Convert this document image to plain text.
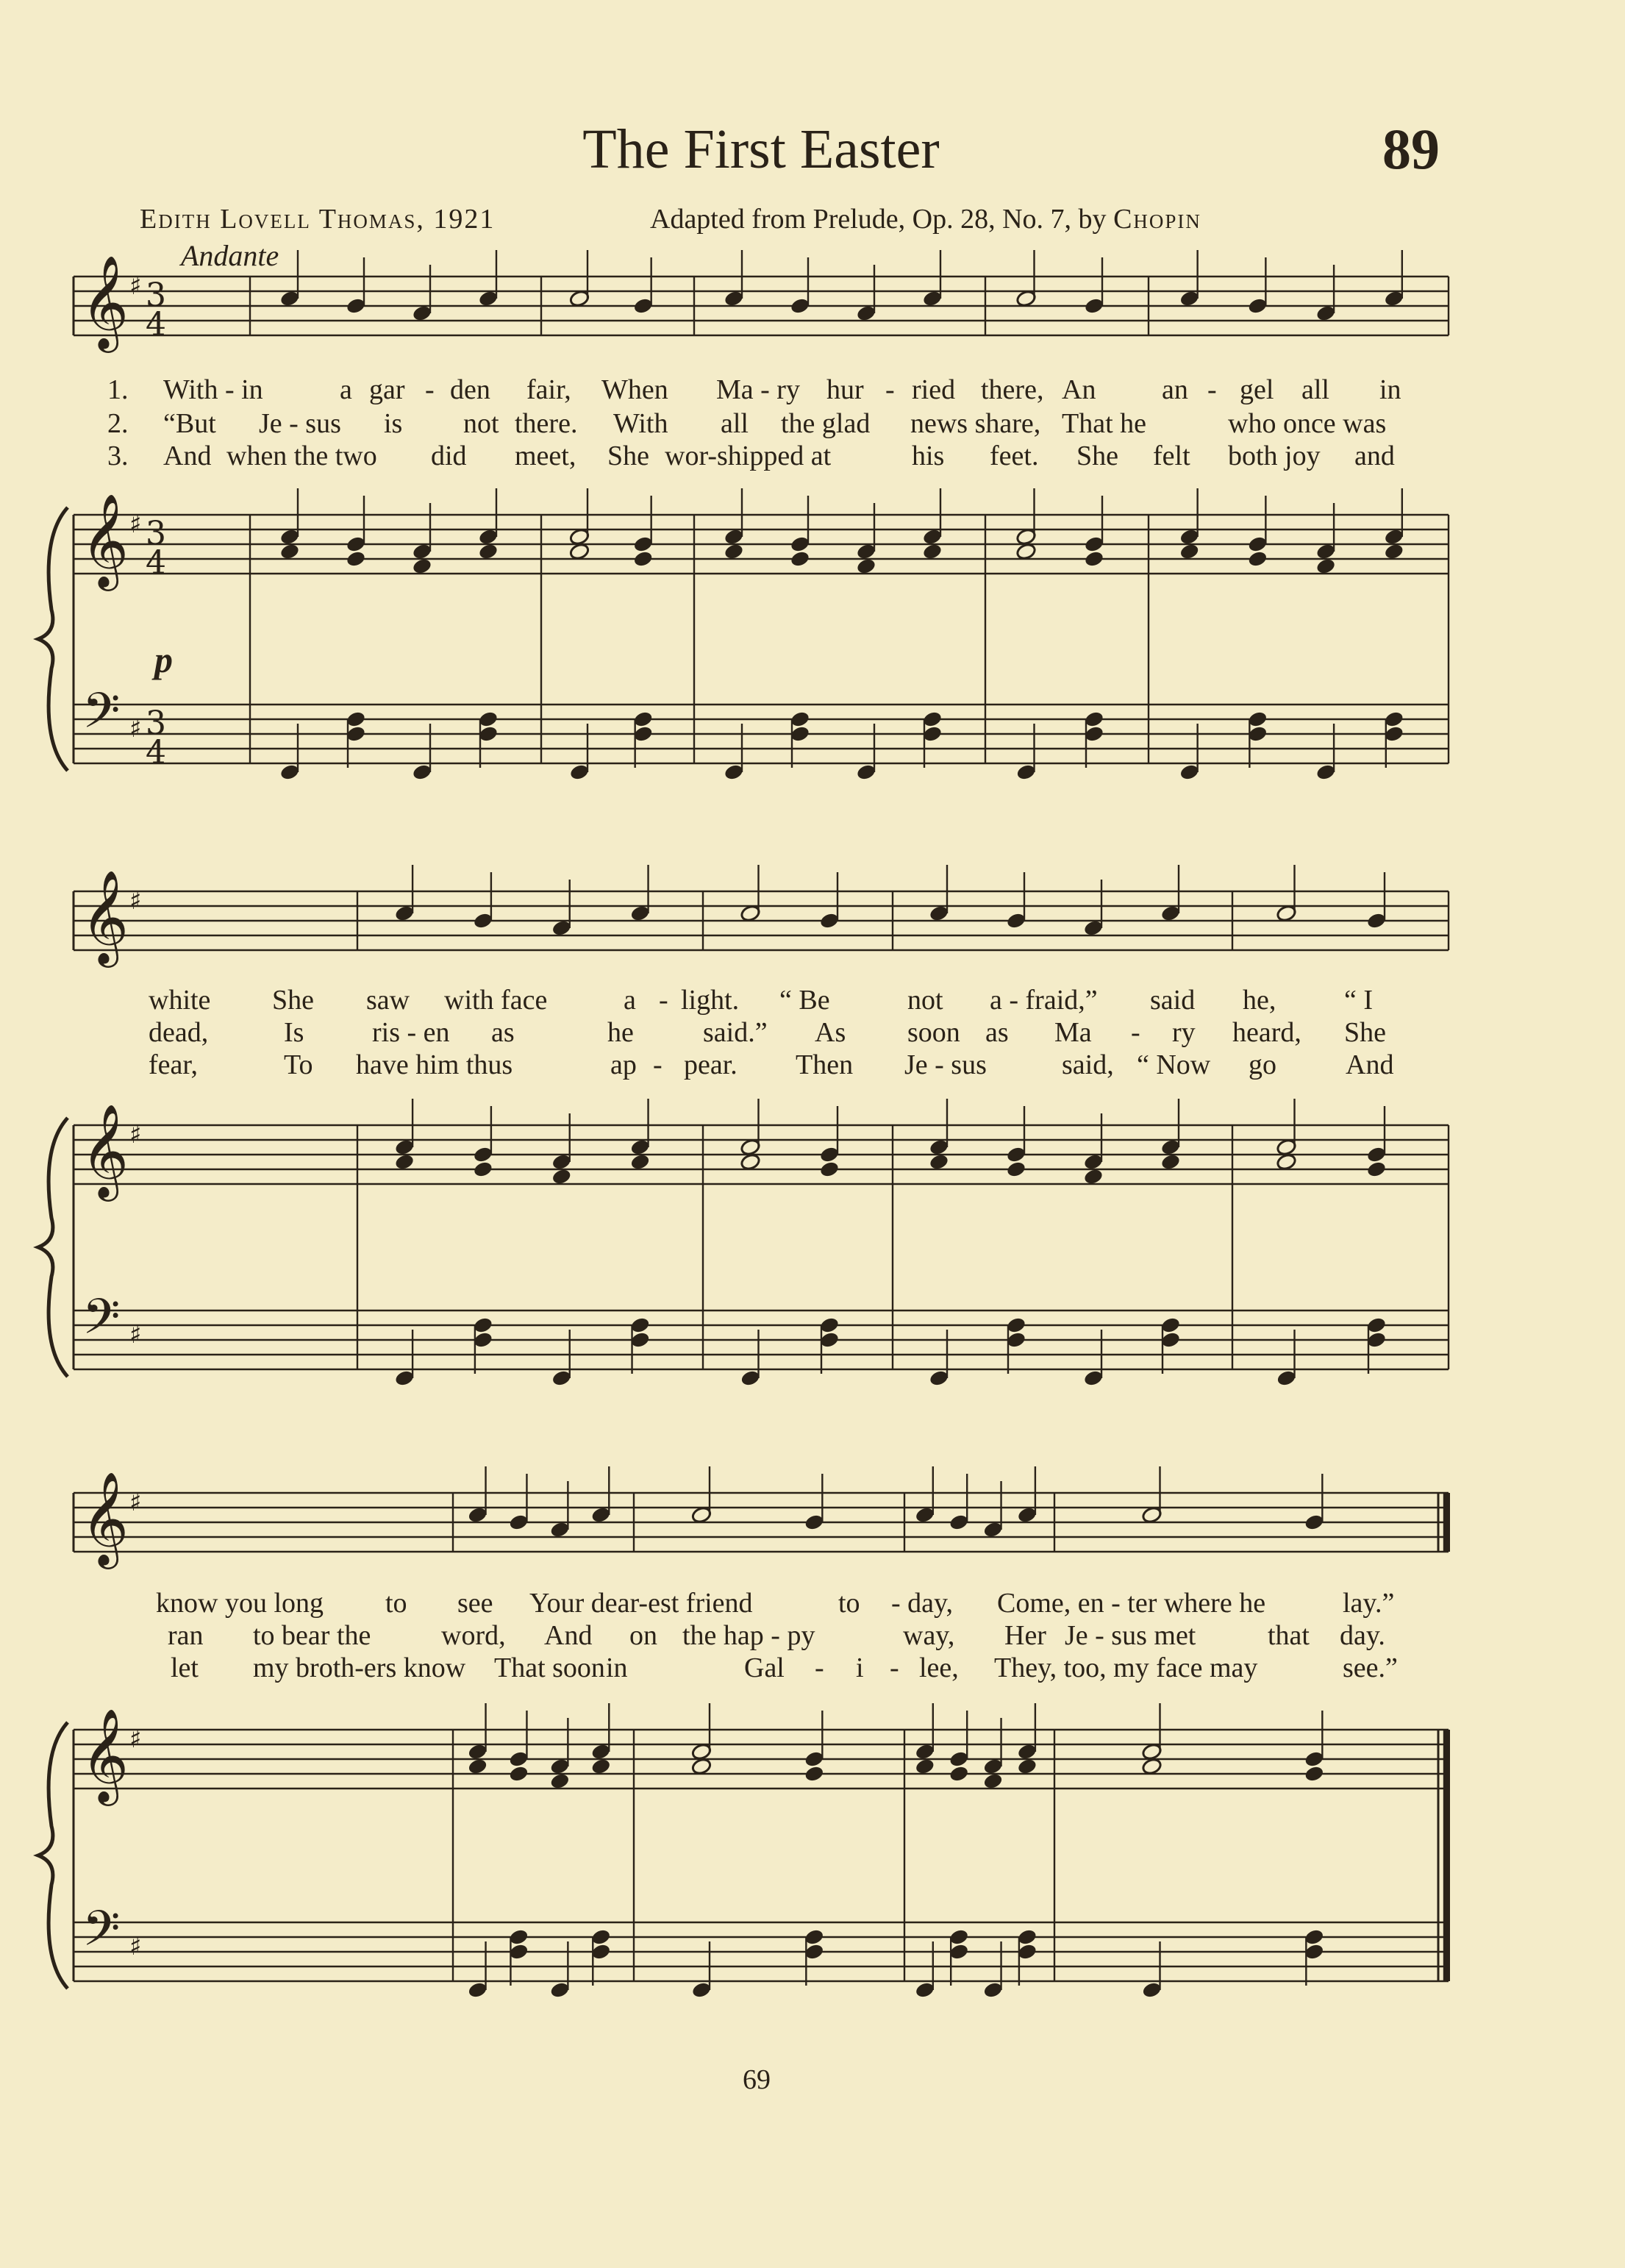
The First Easter	89
Edith Lovell Thomas, 1921	Adapted from Prelude, Op. 28, No. 7, by Chopin
Andante
p
1. With - in	a gar - den fair, When Ma - ry hur - ried there, An an - gel all in
2. “But Je - sus is not there. With all the glad news share, That he	who once was
3. And when the two did meet, She wor-shipped at	his feet. She felt both joy and
white She saw with face	a - light. “ Be	not a - fraid,” said he, “ I
dead,	Is ris - en as	he said.” As soon as Ma - ry heard, She
fear,	To have him thus	ap - pear. Then Je - sus	said, “ Now go And
know you long to see Your dear-est friend	to - day, Come, en - ter where he	lay.”
ran to bear the	word, And on the hap - py	way, Her Je - sus met	that day.
let my broth-ers know That soon in	Gal - i - lee, They, too, my face may	see.”
69
𝄞 ♯
𝄞 ♯
𝄢 ♯
3
4
3
4
3
4
𝄞 ♯
𝄞 ♯
𝄢 ♯
𝄞 ♯
𝄞 ♯
𝄢 ♯
